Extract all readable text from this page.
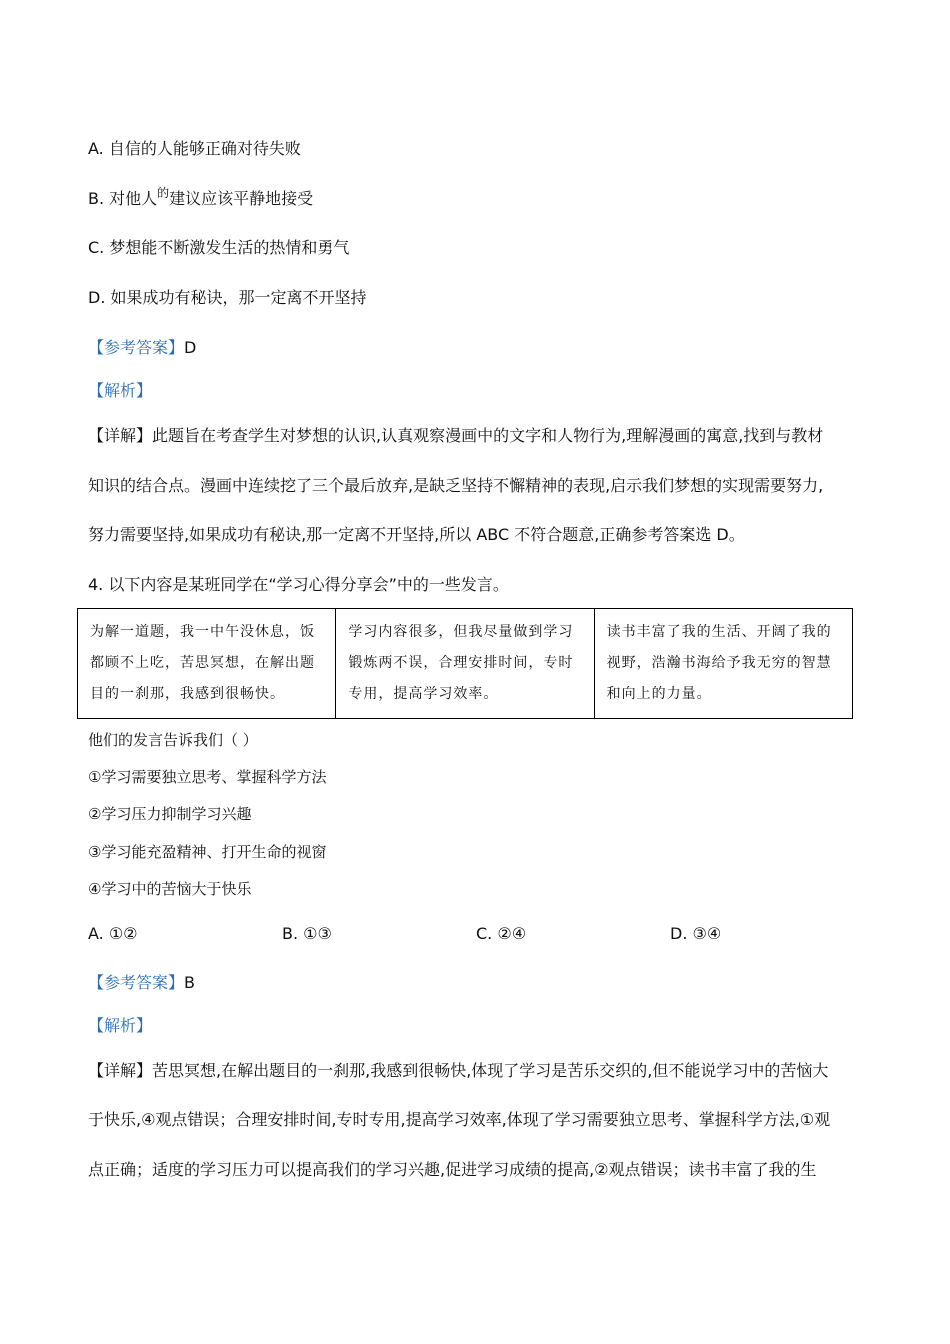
A. 自信的人能够正确对待失败
B. 对他人$^的$建议应该平静地接受
C. 梦想能不断激发生活的热情和勇气
D. 如果成功有秘诀，那一定离不开坚持
【参考答案】D
【解析】
【详解】此题旨在考查学生对梦想的认识,认真观察漫画中的文字和人物行为,理解漫画的寓意,找到与教材
知识的结合点。漫画中连续挖了三个最后放弃,是缺乏坚持不懈精神的表现,启示我们梦想的实现需要努力,
努力需要坚持,如果成功有秘诀,那一定离不开坚持,所以 ABC 不符合题意,正确参考答案选 D。
4. 以下内容是某班同学在“学习心得分享会”中的一些发言。
为解一道题，我一中午没休息，饭都顾不上吃，苦思冥想，在解出题目的一刹那，我感到很畅快。	学习内容很多，但我尽量做到学习锻炼两不误，合理安排时间，专时专用，提高学习效率。	读书丰富了我的生活、开阔了我的视野，浩瀚书海给予我无穷的智慧和向上的力量。
他们的发言告诉我们（ ）
①学习需要独立思考、掌握科学方法
②学习压力抑制学习兴趣
③学习能充盈精神、打开生命的视窗
④学习中的苦恼大于快乐
A. ①②	B. ①③	C. ②④	D. ③④
【参考答案】B
【解析】
【详解】苦思冥想,在解出题目的一刹那,我感到很畅快,体现了学习是苦乐交织的,但不能说学习中的苦恼大
于快乐,④观点错误；合理安排时间,专时专用,提高学习效率,体现了学习需要独立思考、掌握科学方法,①观
点正确；适度的学习压力可以提高我们的学习兴趣,促进学习成绩的提高,②观点错误；读书丰富了我的生
